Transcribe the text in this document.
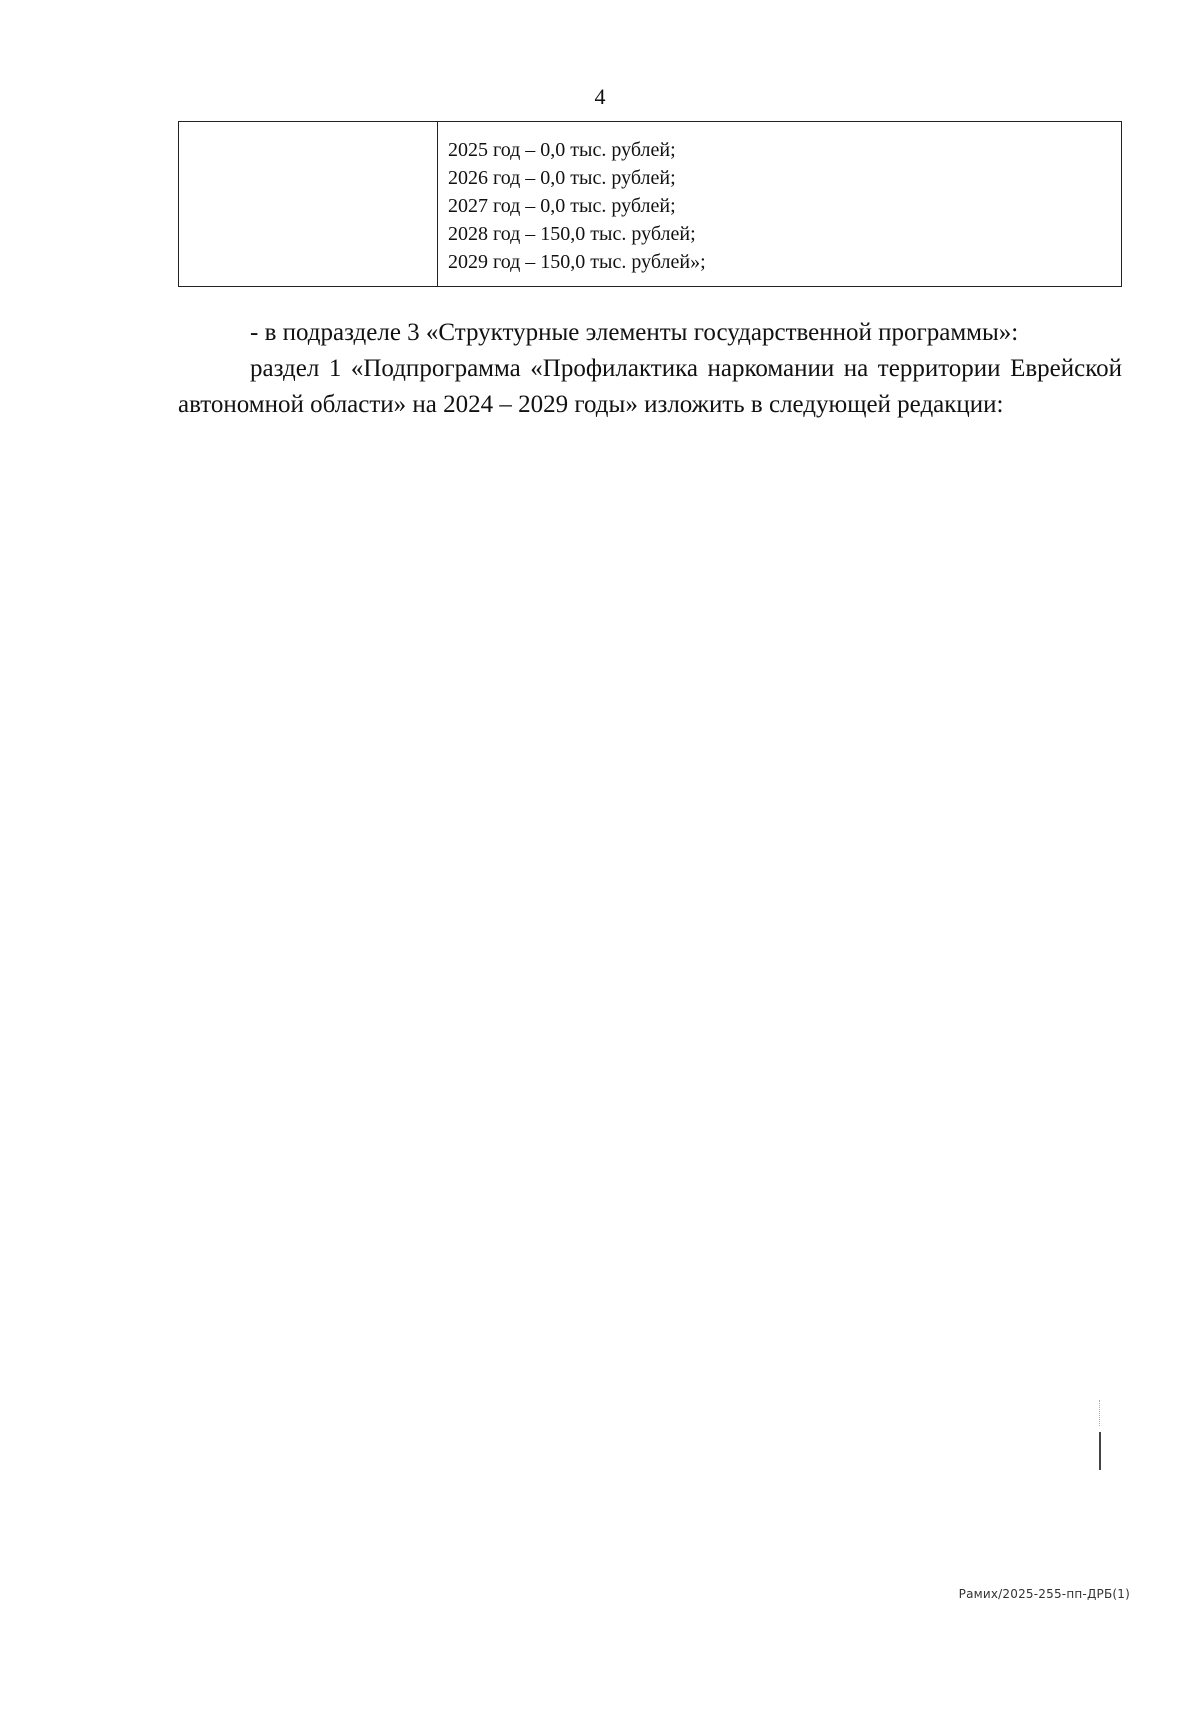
4

2025 год – 0,0 тыс. рублей;
2026 год – 0,0 тыс. рублей;
2027 год – 0,0 тыс. рублей;
2028 год – 150,0 тыс. рублей;
2029 год – 150,0 тыс. рублей»;

- в подразделе 3 «Структурные элементы государственной программы»:

раздел 1 «Подпрограмма «Профилактика наркомании на территории Еврейской автономной области» на 2024 – 2029 годы» изложить в следующей редакции:

Рамих/2025-255-пп-ДРБ(1)
